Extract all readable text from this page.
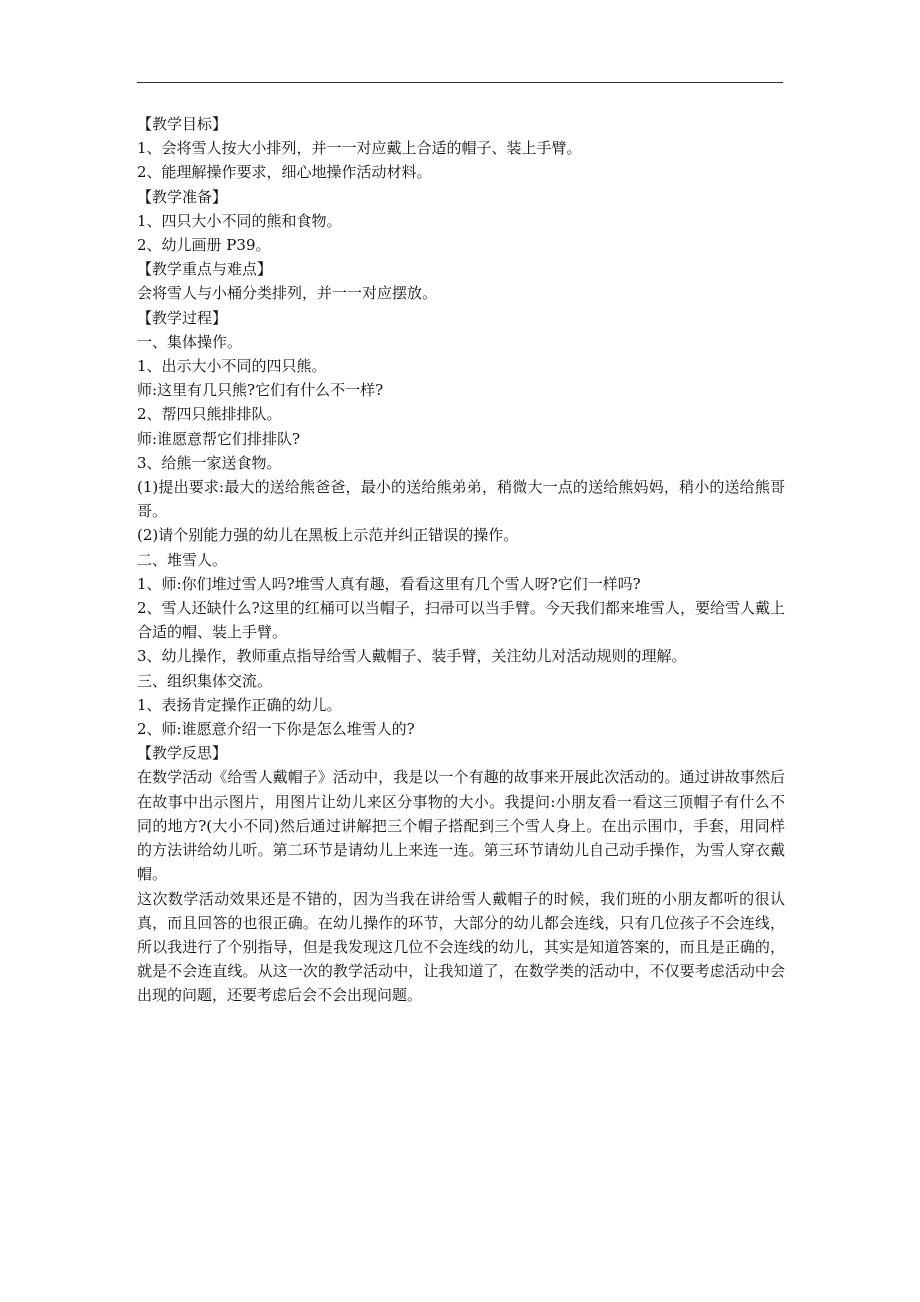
【教学目标】
1、会将雪人按大小排列，并一一对应戴上合适的帽子、装上手臂。
2、能理解操作要求，细心地操作活动材料。
【教学准备】
1、四只大小不同的熊和食物。
2、幼儿画册 P39。
【教学重点与难点】
会将雪人与小桶分类排列，并一一对应摆放。
【教学过程】
一、集体操作。
1、出示大小不同的四只熊。
师:这里有几只熊?它们有什么不一样?
2、帮四只熊排排队。
师:谁愿意帮它们排排队?
3、给熊一家送食物。
(1)提出要求:最大的送给熊爸爸，最小的送给熊弟弟，稍微大一点的送给熊妈妈，稍小的送给熊哥哥。
(2)请个别能力强的幼儿在黑板上示范并纠正错误的操作。
二、堆雪人。
1、师:你们堆过雪人吗?堆雪人真有趣，看看这里有几个雪人呀?它们一样吗?
2、雪人还缺什么?这里的红桶可以当帽子，扫帚可以当手臂。今天我们都来堆雪人，要给雪人戴上合适的帽、装上手臂。
3、幼儿操作，教师重点指导给雪人戴帽子、装手臂，关注幼儿对活动规则的理解。
三、组织集体交流。
1、表扬肯定操作正确的幼儿。
2、师:谁愿意介绍一下你是怎么堆雪人的?
【教学反思】
在数学活动《给雪人戴帽子》活动中，我是以一个有趣的故事来开展此次活动的。通过讲故事然后在故事中出示图片，用图片让幼儿来区分事物的大小。我提问:小朋友看一看这三顶帽子有什么不同的地方?(大小不同)然后通过讲解把三个帽子搭配到三个雪人身上。在出示围巾，手套，用同样的方法讲给幼儿听。第二环节是请幼儿上来连一连。第三环节请幼儿自己动手操作，为雪人穿衣戴帽。
这次数学活动效果还是不错的，因为当我在讲给雪人戴帽子的时候，我们班的小朋友都听的很认真，而且回答的也很正确。在幼儿操作的环节，大部分的幼儿都会连线，只有几位孩子不会连线，所以我进行了个别指导，但是我发现这几位不会连线的幼儿，其实是知道答案的，而且是正确的，就是不会连直线。从这一次的教学活动中，让我知道了，在数学类的活动中，不仅要考虑活动中会出现的问题，还要考虑后会不会出现问题。
